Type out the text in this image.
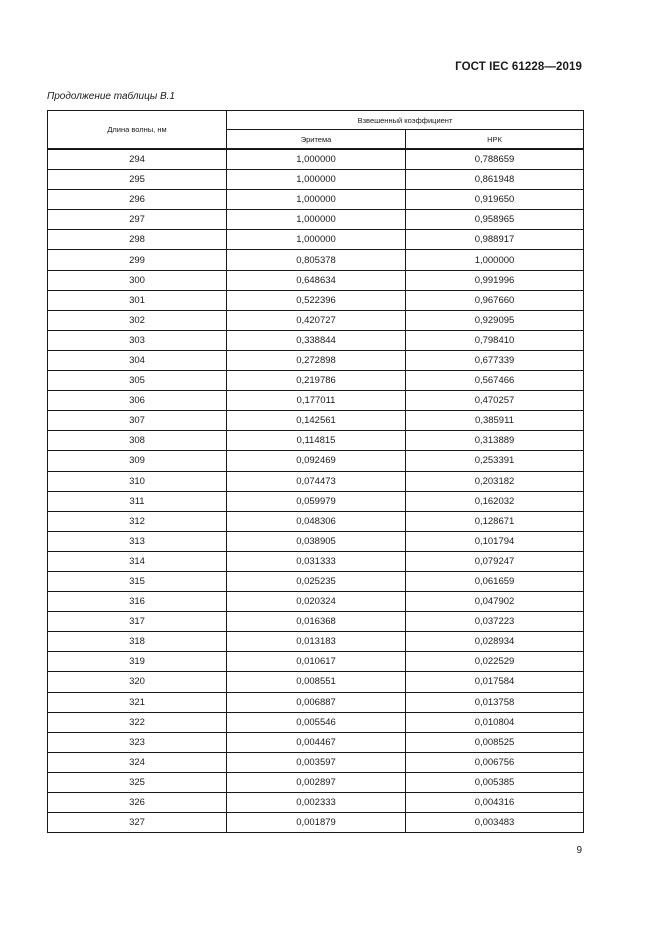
ГОСТ IEC 61228—2019
Продолжение таблицы В.1
Длина волны, нм	Взвешенный коэффициент	
	Эритема	НРК
294	1,000000	0,788659
295	1,000000	0,861948
296	1,000000	0,919650
297	1,000000	0,958965
298	1,000000	0,988917
299	0,805378	1,000000
300	0,648634	0,991996
301	0,522396	0,967660
302	0,420727	0,929095
303	0,338844	0,798410
304	0,272898	0,677339
305	0,219786	0,567466
306	0,177011	0,470257
307	0,142561	0,385911
308	0,114815	0,313889
309	0,092469	0,253391
310	0,074473	0,203182
311	0,059979	0,162032
312	0,048306	0,128671
313	0,038905	0,101794
314	0,031333	0,079247
315	0,025235	0,061659
316	0,020324	0,047902
317	0,016368	0,037223
318	0,013183	0,028934
319	0,010617	0,022529
320	0,008551	0,017584
321	0,006887	0,013758
322	0,005546	0,010804
323	0,004467	0,008525
324	0,003597	0,006756
325	0,002897	0,005385
326	0,002333	0,004316
327	0,001879	0,003483
9
